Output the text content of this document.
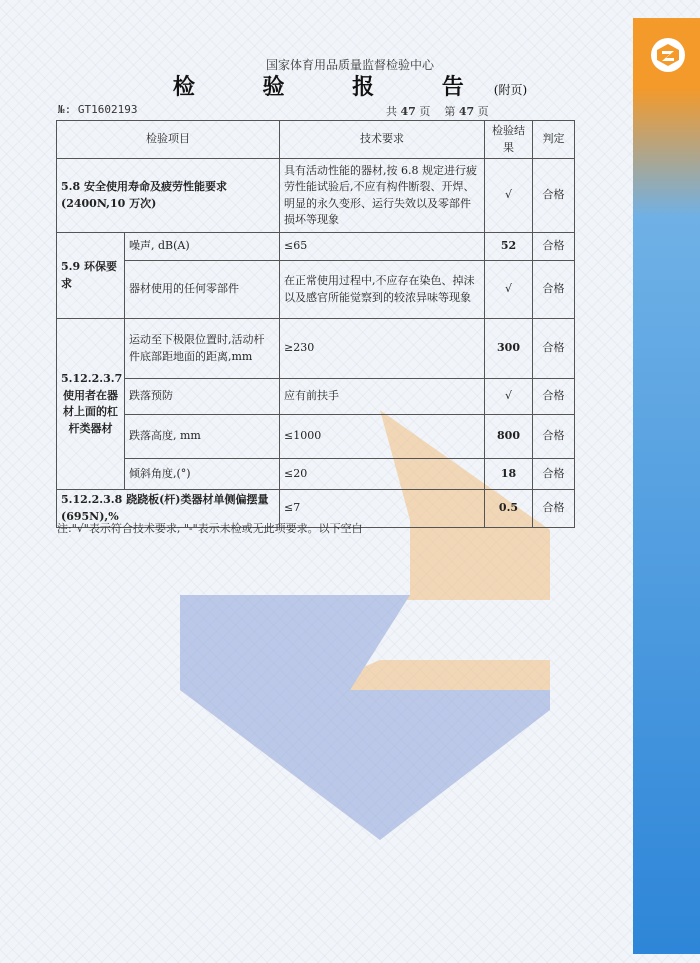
国家体育用品质量监督检验中心
检 验 报 告(附页)
№: GT1602193	共 47 页 第 47 页
检验项目		技术要求	检验结果	判定
5.8 安全使用寿命及疲劳性能要求 (2400N,10 万次)		具有活动性能的器材,按 6.8 规定进行疲劳性能试验后,不应有构件断裂、开焊、明显的永久变形、运行失效以及零部件损坏等现象	√	合格
5.9 环保要求	噪声, dB(A)	≤65	52	合格
	器材使用的任何零部件	在正常使用过程中,不应存在染色、掉沫以及感官所能觉察到的较浓异味等现象	√	合格
5.12.2.3.7 使用者在器材上面的杠杆类器材	运动至下极限位置时,活动杆件底部距地面的距离,mm	≥230	300	合格
	跌落预防	应有前扶手	√	合格
	跌落高度, mm	≤1000	800	合格
	倾斜角度,(°)	≤20	18	合格
5.12.2.3.8 跷跷板(杆)类器材单侧偏摆量(695N),%		≤7	0.5	合格
注:"√"表示符合技术要求, "-"表示未检或无此项要求。以下空白
